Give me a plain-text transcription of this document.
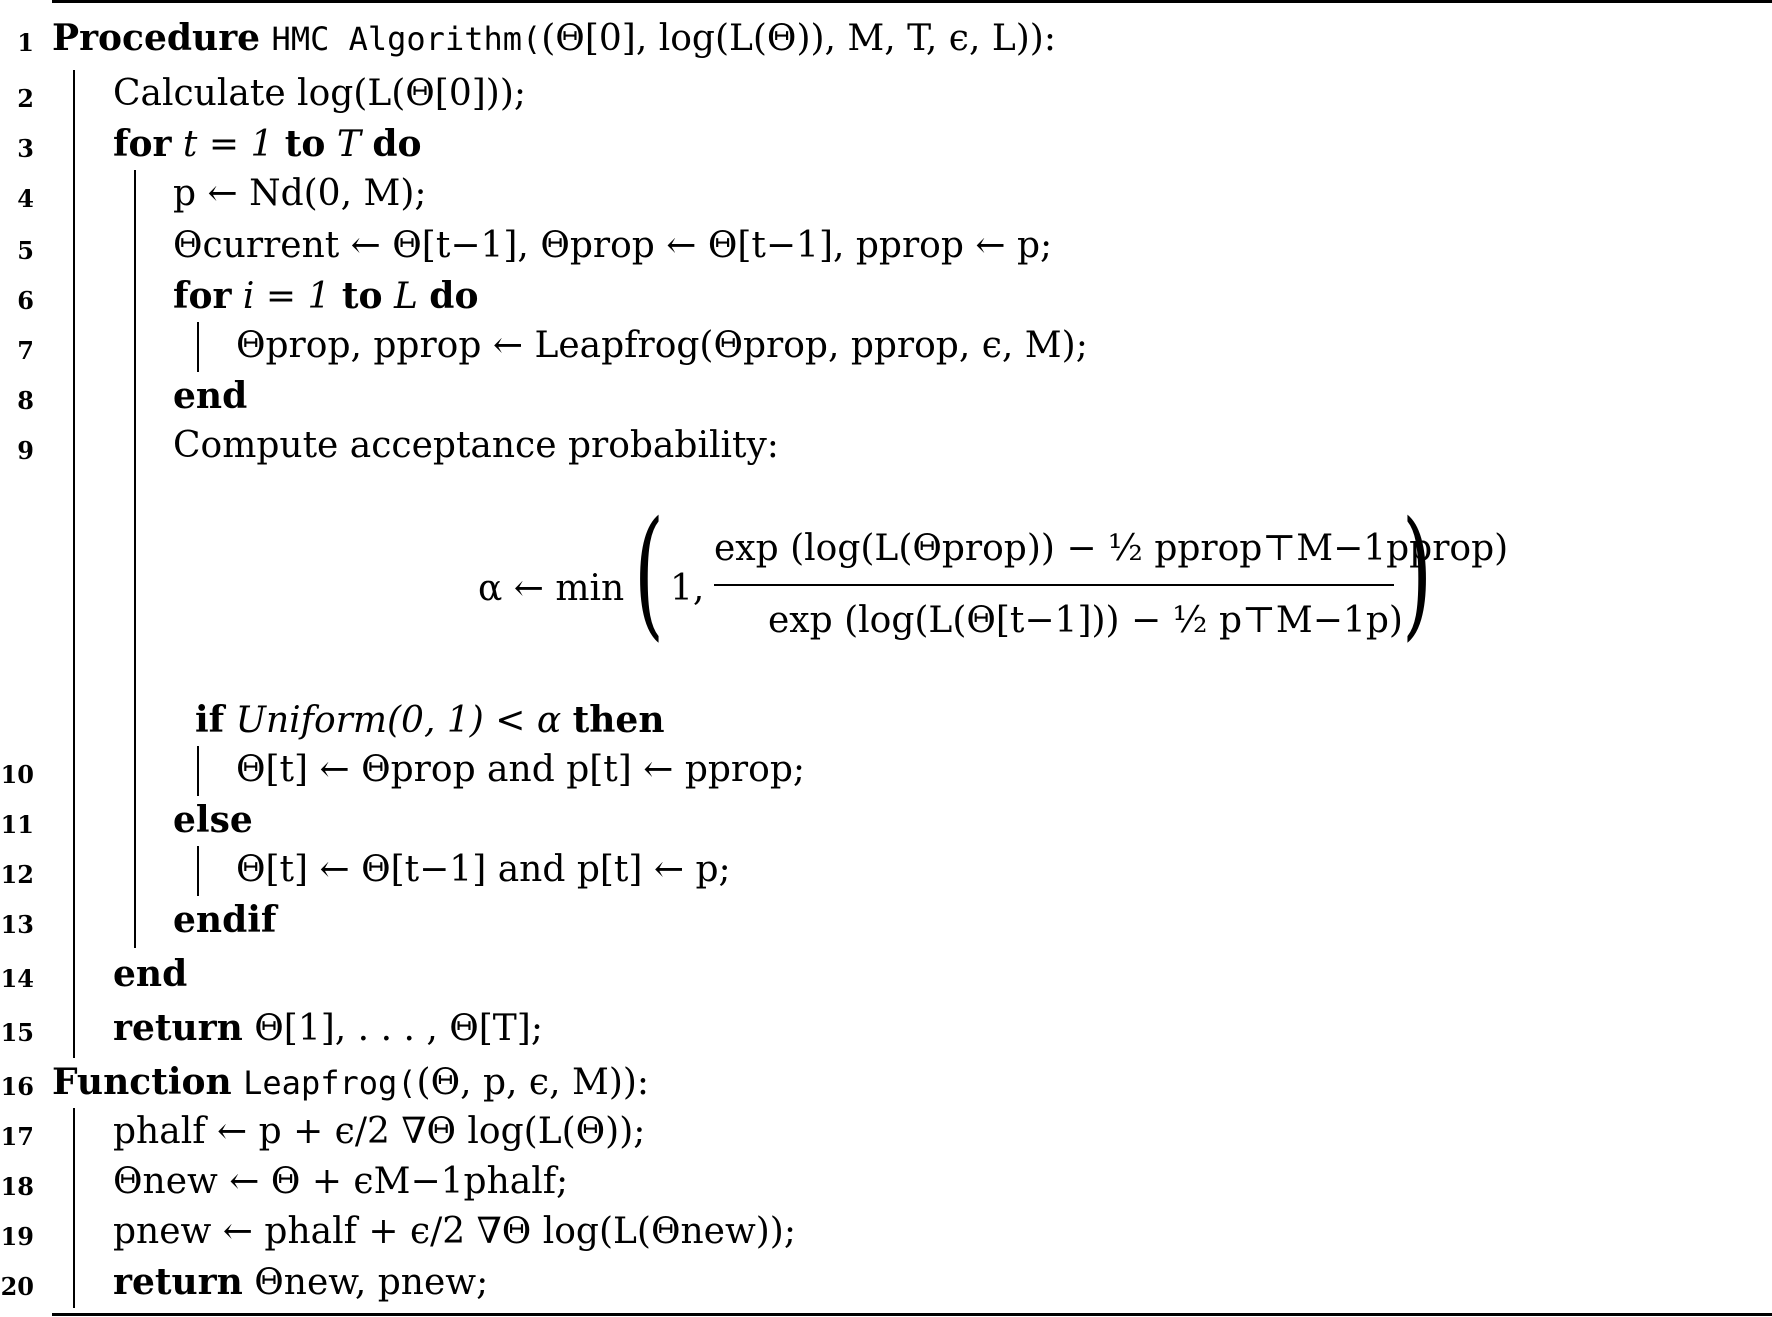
1
2
3
4
5
6
7
8
9
10
11
12
13
14
15
16
17
18
19
20
Procedure HMC Algorithm((Θ[0], log(L(Θ)), M, T, ϵ, L)):
Calculate log(L(Θ[0]));
for t = 1 to T do
p ← Nd(0, M);
Θcurrent ← Θ[t−1], Θprop ← Θ[t−1], pprop ← p;
for i = 1 to L do
Θprop, pprop ← Leapfrog(Θprop, pprop, ϵ, M);
end
Compute acceptance probability:
α ← min ( 1,
exp (log(L(Θprop)) − ½ pprop⊤M−1pprop)
exp (log(L(Θ[t−1])) − ½ p⊤M−1p) )
if Uniform(0, 1) < α then
Θ[t] ← Θprop and p[t] ← pprop;
else
Θ[t] ← Θ[t−1] and p[t] ← p;
endif
end
return Θ[1], . . . , Θ[T];
Function Leapfrog((Θ, p, ϵ, M)):
phalf ← p + ϵ/2 ∇Θ log(L(Θ));
Θnew ← Θ + ϵM−1phalf;
pnew ← phalf + ϵ/2 ∇Θ log(L(Θnew));
return Θnew, pnew;
